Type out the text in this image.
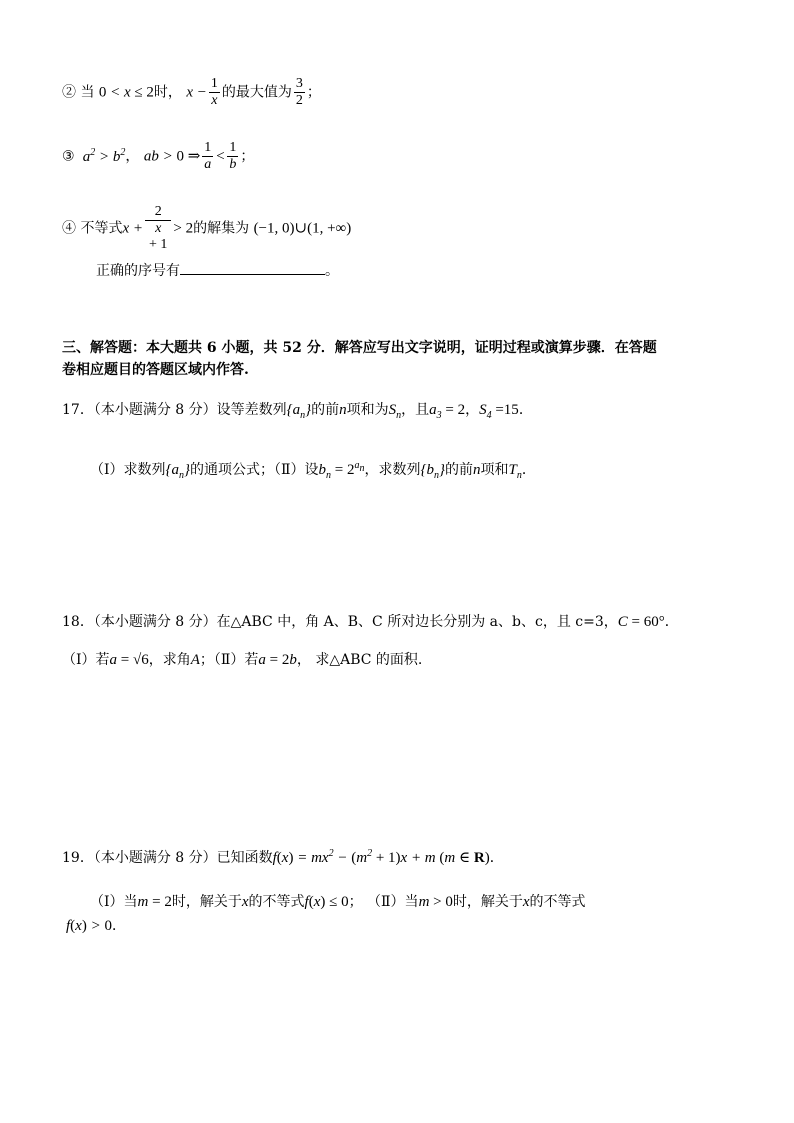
② 当 0 < x ≤ 2时， $x - \frac{1}{x}$ 的最大值为 $\frac{3}{2}$ ；
③  $a^2 > b^2$， ab > 0 ⇒ $\frac{1}{a} < \frac{1}{b}$ ；
④ 不等式x + 2
x
+ 1 > 2的解集为 (−1, 0)∪(1, +∞)
正确的序号有	。
三、解答题：本大题共 6 小题，共 52 分．解答应写出文字说明，证明过程或演算步骤．在答题
卷相应题目的答题区域内作答.
17．（本小题满分 8 分）设等差数列$\{a_n\}$的前n项和为$S_n$，且$a_3 = 2$，$S_4 =15$．
（Ⅰ）求数列$\{a_n\}$的通项公式；（Ⅱ）设$b_n = 2^{a_n}$，求数列$\{b_n\}$的前n项和$T_n$．
18．（本小题满分 8 分）在△ABC 中，角 A、B、C 所对边长分别为 a、b、c，且 c=3，C = 60°．
（Ⅰ）若a = √6，求角A；（Ⅱ）若a = 2b， 求△ABC 的面积.
19．（本小题满分 8 分）已知函数$f(x) = mx^2 - (m^2 + 1)x + m$ (m ∈ R)．
（Ⅰ）当m = 2时，解关于x的不等式f(x) ≤ 0； （Ⅱ）当m > 0时，解关于x的不等式
f(x) > 0．
